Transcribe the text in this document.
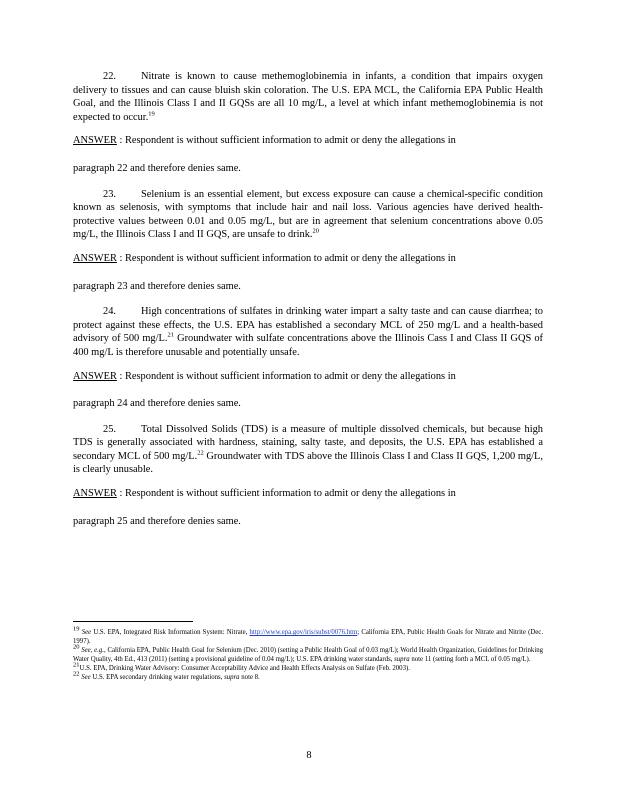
22. Nitrate is known to cause methemoglobinemia in infants, a condition that impairs oxygen delivery to tissues and can cause bluish skin coloration. The U.S. EPA MCL, the California EPA Public Health Goal, and the Illinois Class I and II GQSs are all 10 mg/L, a level at which infant methemoglobinemia is not expected to occur.$^{19}$

ANSWER : Respondent is without sufficient information to admit or deny the allegations in

paragraph 22 and therefore denies same.

23. Selenium is an essential element, but excess exposure can cause a chemical-specific condition known as selenosis, with symptoms that include hair and nail loss. Various agencies have derived health-protective values between 0.01 and 0.05 mg/L, but are in agreement that selenium concentrations above 0.05 mg/L, the Illinois Class I and II GQS, are unsafe to drink.$^{20}$

ANSWER : Respondent is without sufficient information to admit or deny the allegations in

paragraph 23 and therefore denies same.

24. High concentrations of sulfates in drinking water impart a salty taste and can cause diarrhea; to protect against these effects, the U.S. EPA has established a secondary MCL of 250 mg/L and a health-based advisory of 500 mg/L.$^{21}$ Groundwater with sulfate concentrations above the Illinois Cass I and Class II GQS of 400 mg/L is therefore unusable and potentially unsafe.

ANSWER : Respondent is without sufficient information to admit or deny the allegations in

paragraph 24 and therefore denies same.

25. Total Dissolved Solids (TDS) is a measure of multiple dissolved chemicals, but because high TDS is generally associated with hardness, staining, salty taste, and deposits, the U.S. EPA has established a secondary MCL of 500 mg/L.$^{22}$ Groundwater with TDS above the Illinois Class I and Class II GQS, 1,200 mg/L, is clearly unusable.

ANSWER : Respondent is without sufficient information to admit or deny the allegations in

paragraph 25 and therefore denies same.

$^{19}$ See U.S. EPA, Integrated Risk Information System: Nitrate, http://www.epa.gov/iris/subst/0076.htm; California EPA, Public Health Goals for Nitrate and Nitrite (Dec. 1997).

$^{20}$ See, e.g., California EPA, Public Health Goal for Selenium (Dec. 2010) (setting a Public Health Goal of 0.03 mg/L); World Health Organization, Guidelines for Drinking Water Quality, 4th Ed., 413 (2011) (setting a provisional guideline of 0.04 mg/L); U.S. EPA drinking water standards, supra note 11 (setting forth a MCL of 0.05 mg/L).

$^{21}$U.S. EPA, Drinking Water Advisory: Consumer Acceptability Advice and Health Effects Analysis on Sulfate (Feb. 2003).

$^{22}$ See U.S. EPA secondary drinking water regulations, supra note 8.

8
